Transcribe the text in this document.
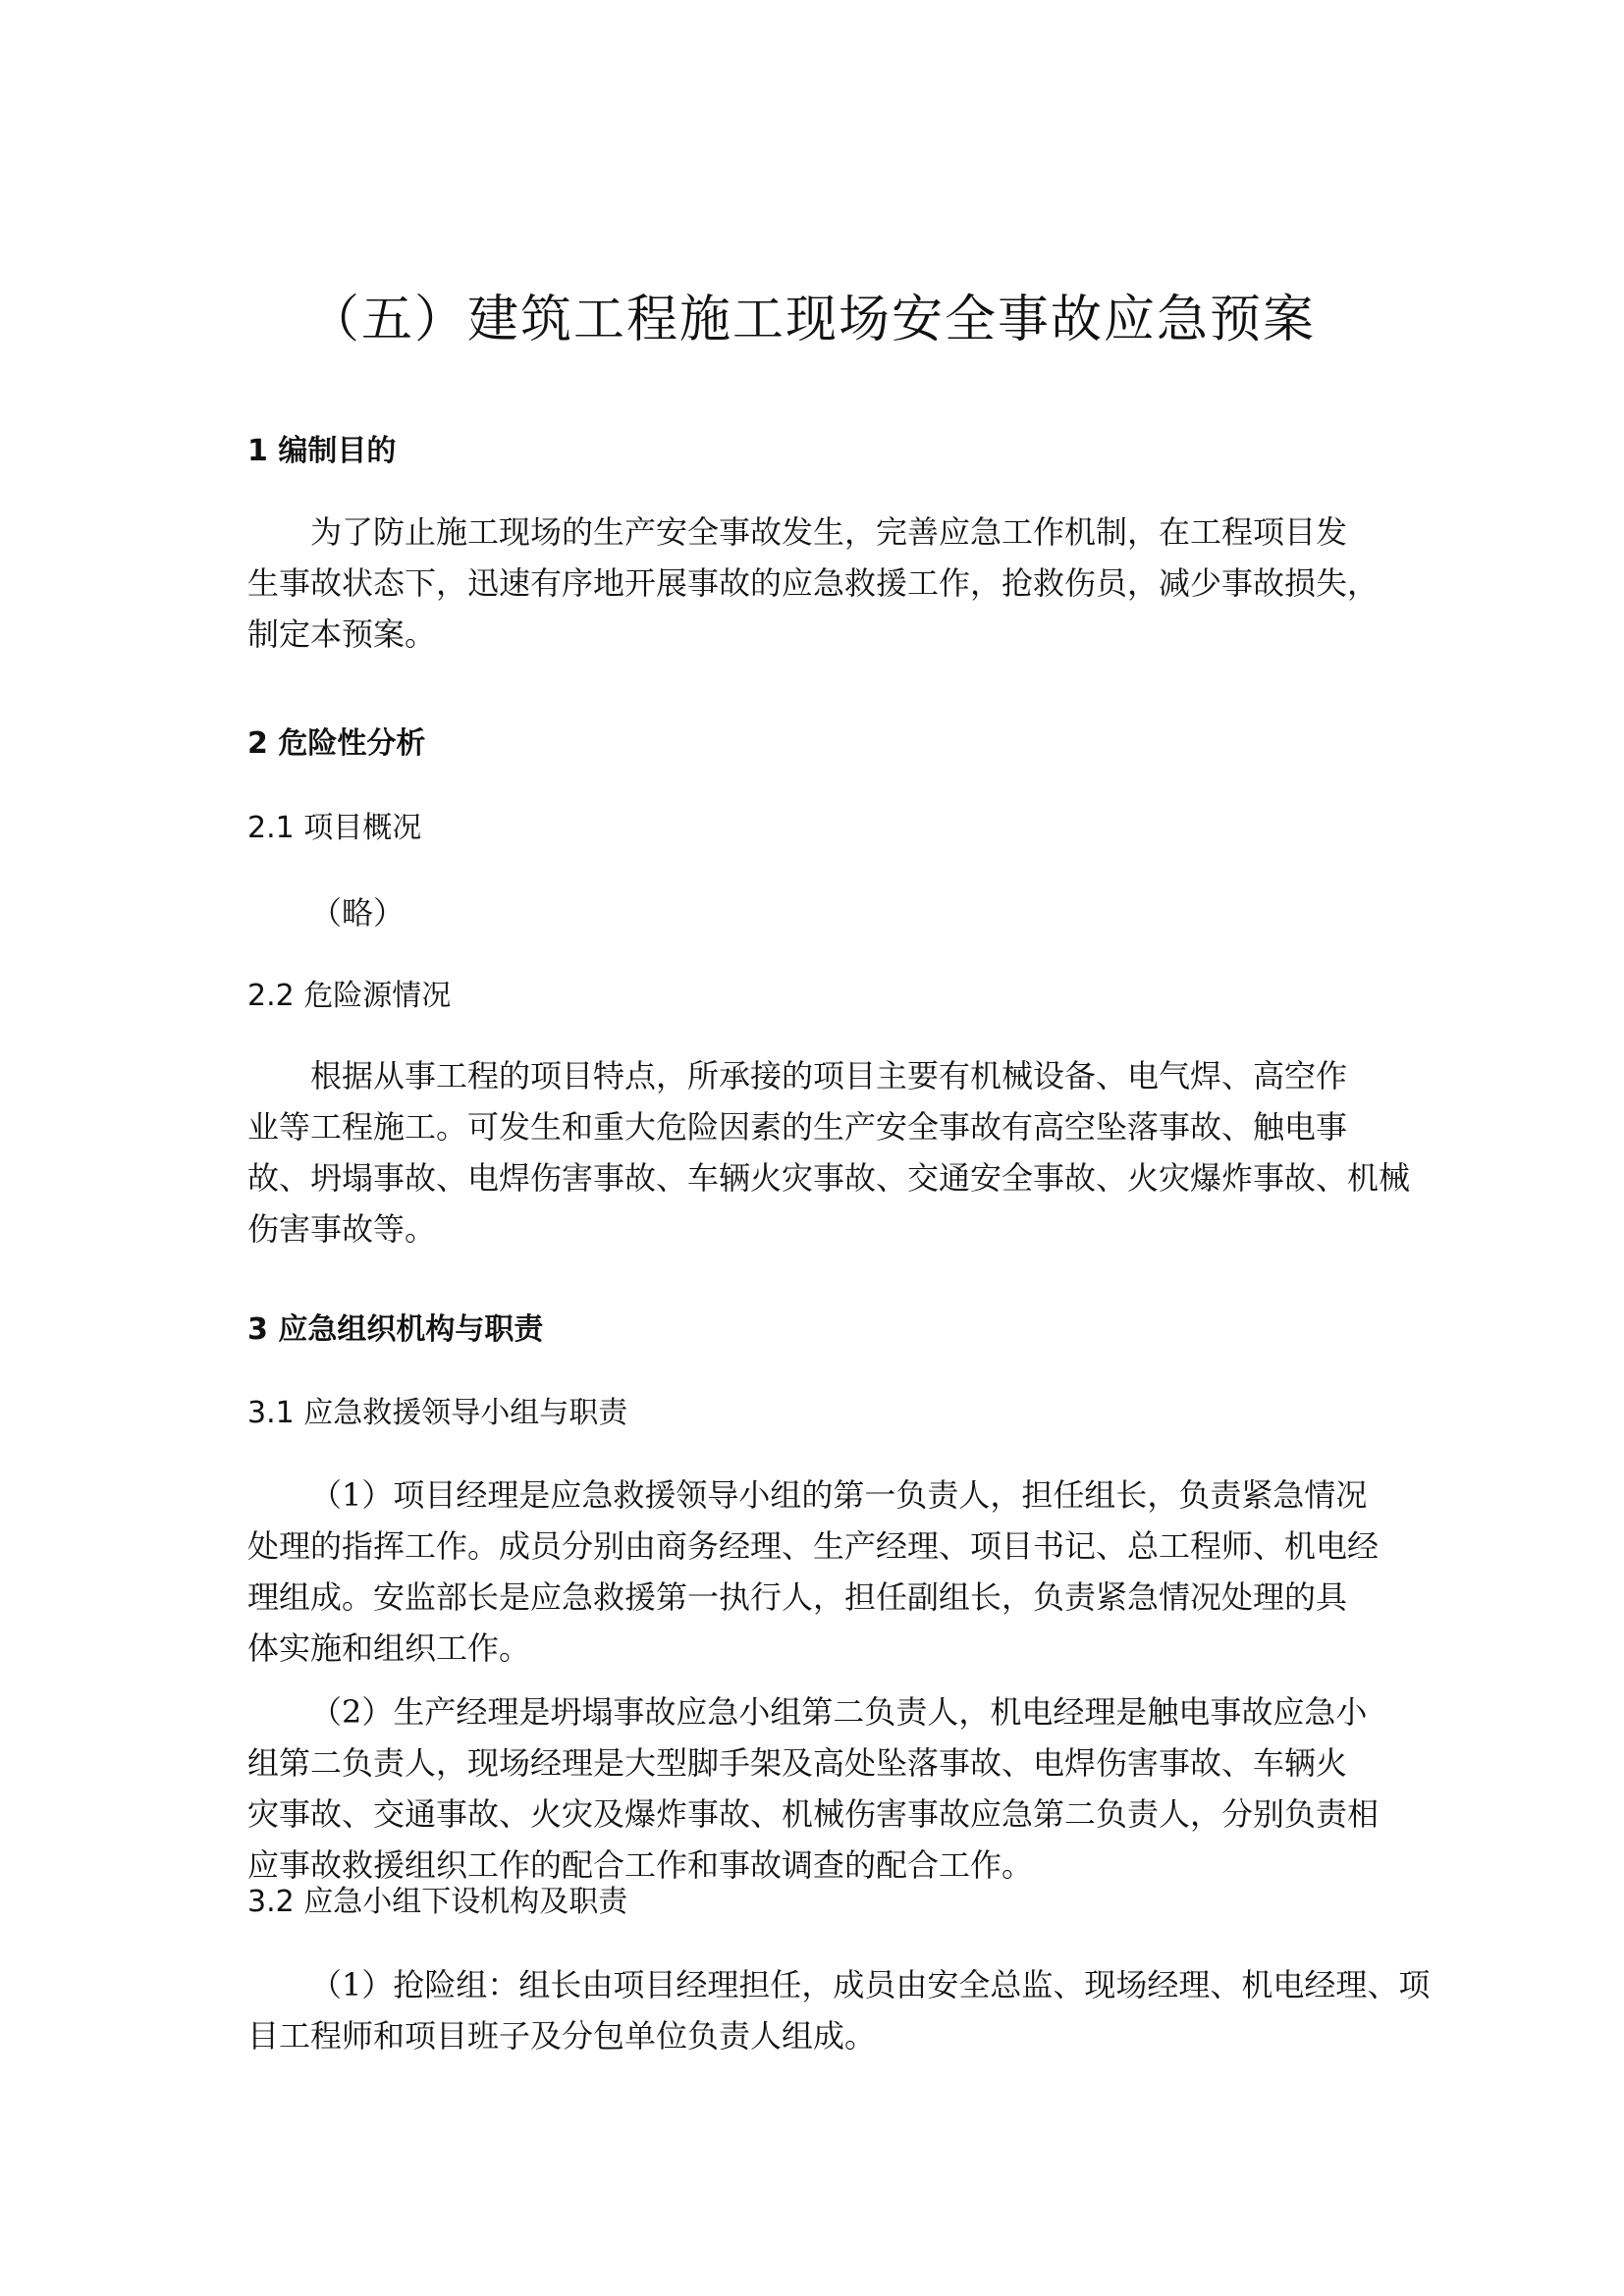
（五）建筑工程施工现场安全事故应急预案
1 编制目的
为了防止施工现场的生产安全事故发生，完善应急工作机制，在工程项目发
生事故状态下，迅速有序地开展事故的应急救援工作，抢救伤员，减少事故损失，
制定本预案。
2 危险性分析
2.1 项目概况
（略）
2.2 危险源情况
根据从事工程的项目特点，所承接的项目主要有机械设备、电气焊、高空作
业等工程施工。可发生和重大危险因素的生产安全事故有高空坠落事故、触电事
故、坍塌事故、电焊伤害事故、车辆火灾事故、交通安全事故、火灾爆炸事故、机械
伤害事故等。
3 应急组织机构与职责
3.1 应急救援领导小组与职责
（1）项目经理是应急救援领导小组的第一负责人，担任组长，负责紧急情况
处理的指挥工作。成员分别由商务经理、生产经理、项目书记、总工程师、机电经
理组成。安监部长是应急救援第一执行人，担任副组长，负责紧急情况处理的具
体实施和组织工作。
（2）生产经理是坍塌事故应急小组第二负责人，机电经理是触电事故应急小
组第二负责人，现场经理是大型脚手架及高处坠落事故、电焊伤害事故、车辆火
灾事故、交通事故、火灾及爆炸事故、机械伤害事故应急第二负责人，分别负责相
应事故救援组织工作的配合工作和事故调查的配合工作。
3.2 应急小组下设机构及职责
（1）抢险组：组长由项目经理担任，成员由安全总监、现场经理、机电经理、项
目工程师和项目班子及分包单位负责人组成。
